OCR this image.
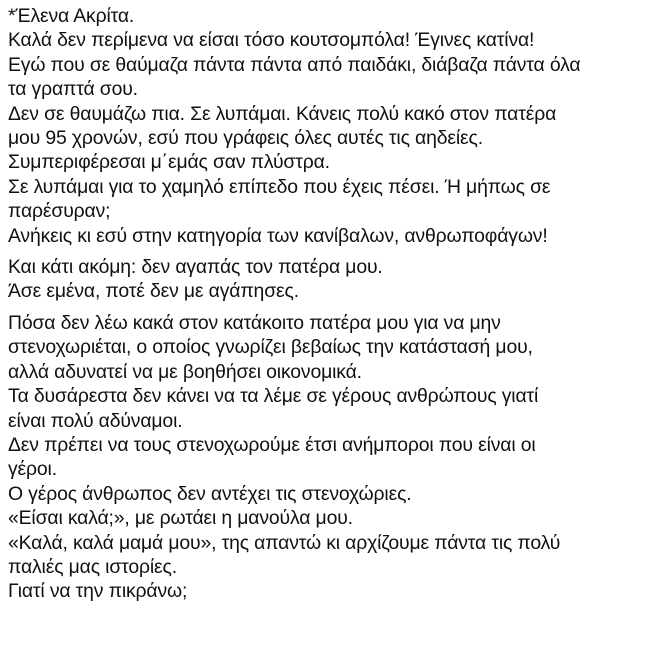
*Έλενα Ακρίτα.
Καλά δεν περίμενα να είσαι τόσο κουτσομπόλα! Έγινες κατίνα!
Εγώ που σε θαύμαζα πάντα πάντα από παιδάκι, διάβαζα πάντα όλα
τα γραπτά σου.
Δεν σε θαυμάζω πια. Σε λυπάμαι. Κάνεις πολύ κακό στον πατέρα
μου 95 χρονών, εσύ που γράφεις όλες αυτές τις αηδείες.
Συμπεριφέρεσαι μ΄εμάς σαν πλύστρα.
Σε λυπάμαι για το χαμηλό επίπεδο που έχεις πέσει. Ή μήπως σε
παρέσυραν;
Ανήκεις κι εσύ στην κατηγορία των κανίβαλων, ανθρωποφάγων!

Και κάτι ακόμη: δεν αγαπάς τον πατέρα μου.
Άσε εμένα, ποτέ δεν με αγάπησες.

Πόσα δεν λέω κακά στον κατάκοιτο πατέρα μου για να μην
στενοχωριέται, ο οποίος γνωρίζει βεβαίως την κατάστασή μου,
αλλά αδυνατεί να με βοηθήσει οικονομικά.
Τα δυσάρεστα δεν κάνει να τα λέμε σε γέρους ανθρώπους γιατί
είναι πολύ αδύναμοι.
Δεν πρέπει να τους στενοχωρούμε έτσι ανήμποροι που είναι οι
γέροι.
Ο γέρος άνθρωπος δεν αντέχει τις στενοχώριες.
«Είσαι καλά;», με ρωτάει η μανούλα μου.
«Καλά, καλά μαμά μου», της απαντώ κι αρχίζουμε πάντα τις πολύ
παλιές μας ιστορίες.
Γιατί να την πικράνω;
